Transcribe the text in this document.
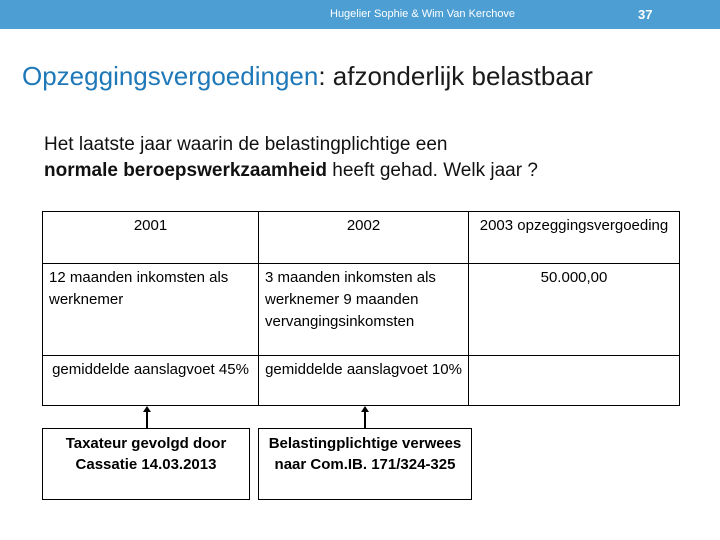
Hugelier Sophie & Wim Van Kerchove	37
Opzeggingsvergoedingen: afzonderlijk belastbaar
Het laatste jaar waarin de belastingplichtige een
normale beroepswerkzaamheid heeft gehad. Welk jaar ?
2001	2002	2003 opzeggingsvergoeding
12 maanden inkomsten als werknemer	3 maanden inkomsten als werknemer 9 maanden vervangingsinkomsten	50.000,00
gemiddelde aanslagvoet 45%	gemiddelde aanslagvoet 10%	
Taxateur gevolgd door Cassatie 14.03.2013
Belastingplichtige verwees naar Com.IB. 171/324-325
